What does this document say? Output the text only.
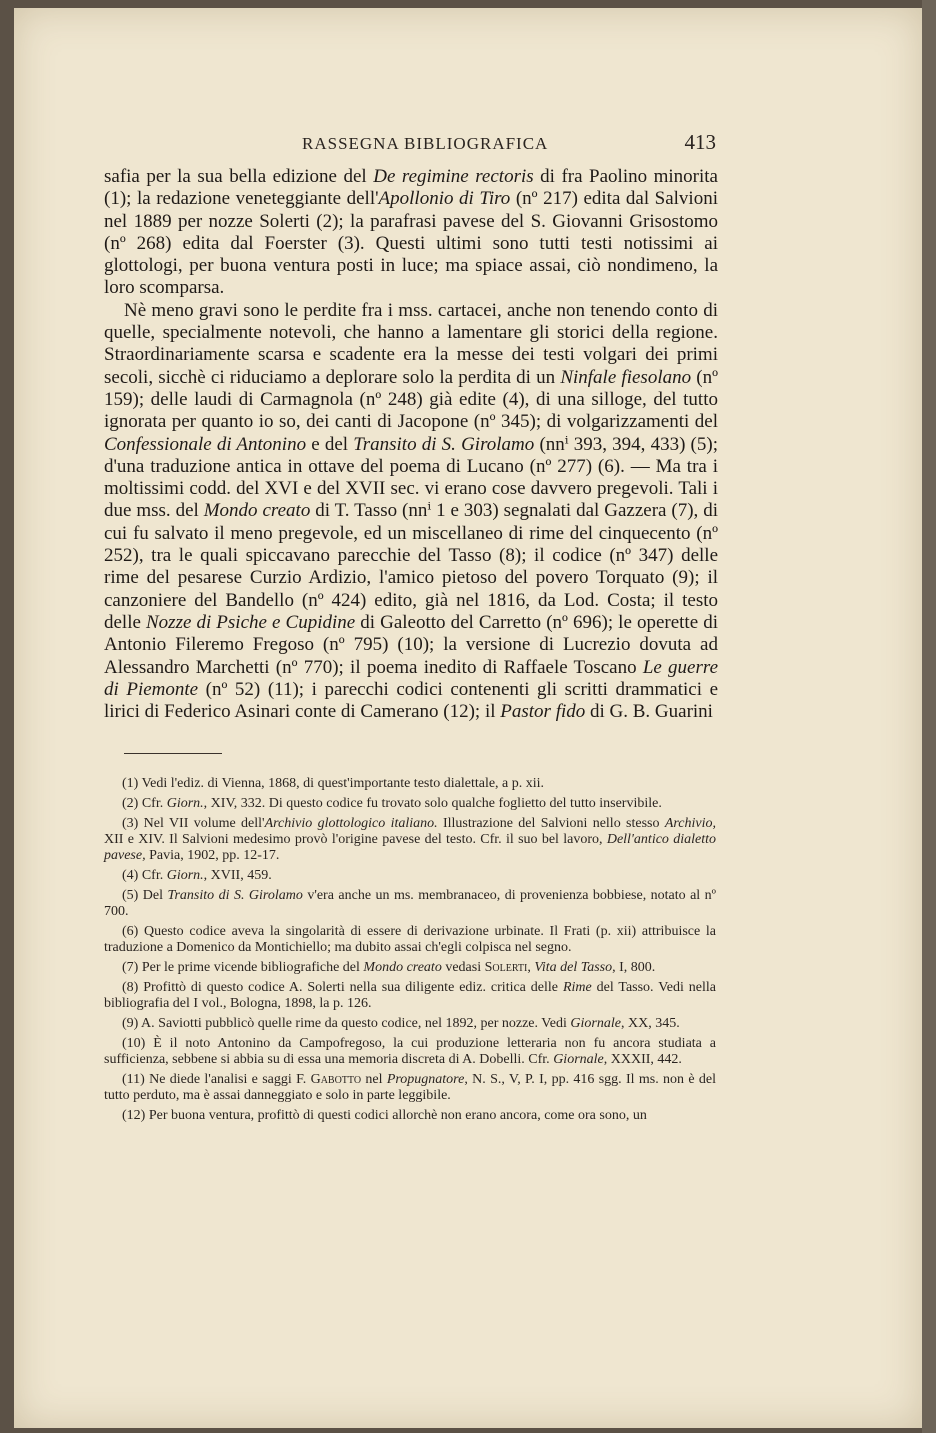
RASSEGNA BIBLIOGRAFICA	413

safia per la sua bella edizione del De regimine rectoris di fra Paolino minorita (1); la redazione veneteggiante dell'Apollonio di Tiro (nº 217) edita dal Salvioni nel 1889 per nozze Solerti (2); la parafrasi pavese del S. Giovanni Grisostomo (nº 268) edita dal Foerster (3). Questi ultimi sono tutti testi notissimi ai glottologi, per buona ventura posti in luce; ma spiace assai, ciò nondimeno, la loro scomparsa.

Nè meno gravi sono le perdite fra i mss. cartacei, anche non tenendo conto di quelle, specialmente notevoli, che hanno a lamentare gli storici della regione. Straordinariamente scarsa e scadente era la messe dei testi volgari dei primi secoli, sicchè ci riduciamo a deplorare solo la perdita di un Ninfale fiesolano (nº 159); delle laudi di Carmagnola (nº 248) già edite (4), di una silloge, del tutto ignorata per quanto io so, dei canti di Jacopone (nº 345); di volgarizzamenti del Confessionale di Antonino e del Transito di S. Girolamo (nnⁱ 393, 394, 433) (5); d'una traduzione antica in ottave del poema di Lucano (nº 277) (6). — Ma tra i moltissimi codd. del XVI e del XVII sec. vi erano cose davvero pregevoli. Tali i due mss. del Mondo creato di T. Tasso (nnⁱ 1 e 303) segnalati dal Gazzera (7), di cui fu salvato il meno pregevole, ed un miscellaneo di rime del cinquecento (nº 252), tra le quali spiccavano parecchie del Tasso (8); il codice (nº 347) delle rime del pesarese Curzio Ardizio, l'amico pietoso del povero Torquato (9); il canzoniere del Bandello (nº 424) edito, già nel 1816, da Lod. Costa; il testo delle Nozze di Psiche e Cupidine di Galeotto del Carretto (nº 696); le operette di Antonio Fileremo Fregoso (nº 795) (10); la versione di Lucrezio dovuta ad Alessandro Marchetti (nº 770); il poema inedito di Raffaele Toscano Le guerre di Piemonte (nº 52) (11); i parecchi codici contenenti gli scritti drammatici e lirici di Federico Asinari conte di Camerano (12); il Pastor fido di G. B. Guarini

(1) Vedi l'ediz. di Vienna, 1868, di quest'importante testo dialettale, a p. xii.

(2) Cfr. Giorn., XIV, 332. Di questo codice fu trovato solo qualche foglietto del tutto inservibile.

(3) Nel VII volume dell'Archivio glottologico italiano. Illustrazione del Salvioni nello stesso Archivio, XII e XIV. Il Salvioni medesimo provò l'origine pavese del testo. Cfr. il suo bel lavoro, Dell'antico dialetto pavese, Pavia, 1902, pp. 12-17.

(4) Cfr. Giorn., XVII, 459.

(5) Del Transito di S. Girolamo v'era anche un ms. membranaceo, di provenienza bobbiese, notato al nº 700.

(6) Questo codice aveva la singolarità di essere di derivazione urbinate. Il Frati (p. xii) attribuisce la traduzione a Domenico da Montichiello; ma dubito assai ch'egli colpisca nel segno.

(7) Per le prime vicende bibliografiche del Mondo creato vedasi Solerti, Vita del Tasso, I, 800.

(8) Profittò di questo codice A. Solerti nella sua diligente ediz. critica delle Rime del Tasso. Vedi nella bibliografia del I vol., Bologna, 1898, la p. 126.

(9) A. Saviotti pubblicò quelle rime da questo codice, nel 1892, per nozze. Vedi Giornale, XX, 345.

(10) È il noto Antonino da Campofregoso, la cui produzione letteraria non fu ancora studiata a sufficienza, sebbene si abbia su di essa una memoria discreta di A. Dobelli. Cfr. Giornale, XXXII, 442.

(11) Ne diede l'analisi e saggi F. Gabotto nel Propugnatore, N. S., V, P. I, pp. 416 sgg. Il ms. non è del tutto perduto, ma è assai danneggiato e solo in parte leggibile.

(12) Per buona ventura, profittò di questi codici allorchè non erano ancora, come ora sono, un
